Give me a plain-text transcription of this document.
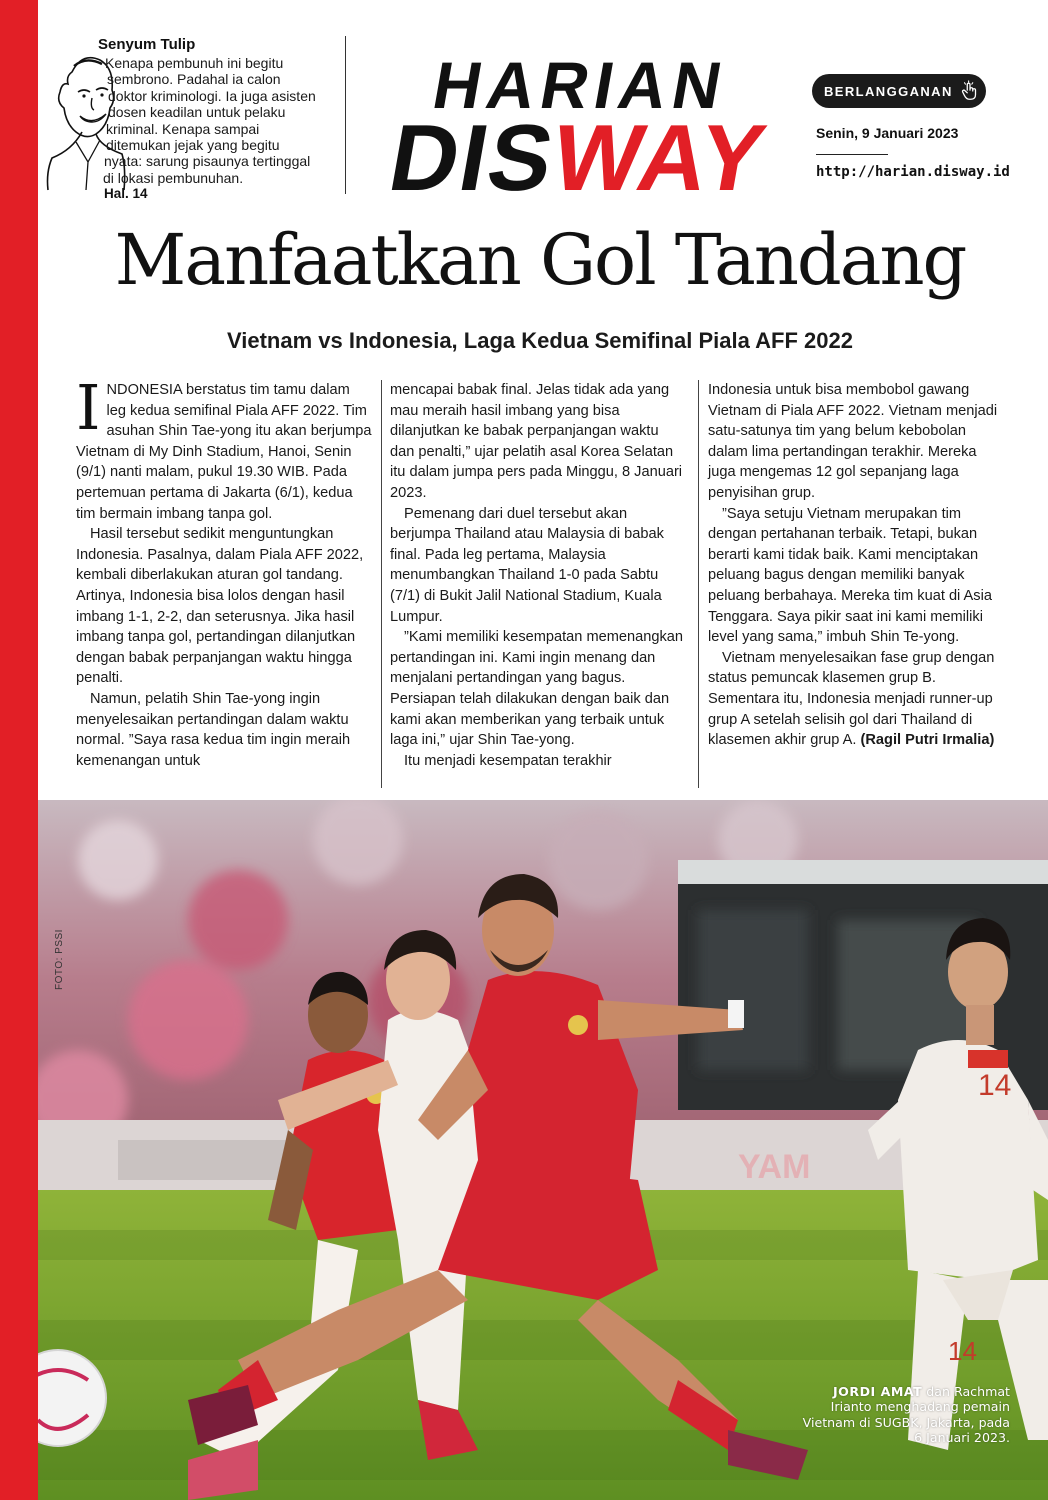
Senyum Tulip
Kenapa pembunuh ini begitu
sembrono. Padahal ia calon
doktor kriminologi. Ia juga asisten
dosen keadilan untuk pelaku
kriminal. Kenapa sampai
ditemukan jejak yang begitu
nyata: sarung pisaunya tertinggal
di lokasi pembunuhan.
Hal. 14
HARIAN
DISWAY
BERLANGGANAN
Senin, 9 Januari 2023
http://harian.disway.id
Manfaatkan Gol Tandang
Vietnam vs Indonesia, Laga Kedua Semifinal Piala AFF 2022

INDONESIA berstatus tim tamu dalam leg kedua semifinal Piala AFF 2022. Tim asuhan Shin Tae-yong itu akan berjumpa Vietnam di My Dinh Stadium, Hanoi, Senin (9/1) nanti malam, pukul 19.30 WIB. Pada pertemuan pertama di Jakarta (6/1), kedua tim bermain imbang tanpa gol.

Hasil tersebut sedikit menguntungkan Indonesia. Pasalnya, dalam Piala AFF 2022, kembali diberlakukan aturan gol tandang. Artinya, Indonesia bisa lolos dengan hasil imbang 1-1, 2-2, dan seterusnya. Jika hasil imbang tanpa gol, pertandingan dilanjutkan dengan babak perpanjangan waktu hingga penalti.

Namun, pelatih Shin Tae-yong ingin menyelesaikan pertandingan dalam waktu normal. ”Saya rasa kedua tim ingin meraih kemenangan untuk

mencapai babak final. Jelas tidak ada yang mau meraih hasil imbang yang bisa dilanjutkan ke babak perpanjangan waktu dan penalti,” ujar pelatih asal Korea Selatan itu dalam jumpa pers pada Minggu, 8 Januari 2023.

Pemenang dari duel tersebut akan berjumpa Thailand atau Malaysia di babak final. Pada leg pertama, Malaysia menumbangkan Thailand 1-0 pada Sabtu (7/1) di Bukit Jalil National Stadium, Kuala Lumpur.

”Kami memiliki kesempatan memenangkan pertandingan ini. Kami ingin menang dan menjalani pertandingan yang bagus. Persiapan telah dilakukan dengan baik dan kami akan memberikan yang terbaik untuk laga ini,” ujar Shin Tae-yong.

Itu menjadi kesempatan terakhir

Indonesia untuk bisa membobol gawang Vietnam di Piala AFF 2022. Vietnam menjadi satu-satunya tim yang belum kebobolan dalam lima pertandingan terakhir. Mereka juga mengemas 12 gol sepanjang laga penyisihan grup.

”Saya setuju Vietnam merupakan tim dengan pertahanan terbaik. Tetapi, bukan berarti kami tidak baik. Kami menciptakan peluang bagus dengan memiliki banyak peluang berbahaya. Mereka tim kuat di Asia Tenggara. Saya pikir saat ini kami memiliki level yang sama,” imbuh Shin Te-yong.

Vietnam menyelesaikan fase grup dengan status pemuncak klasemen grup B. Sementara itu, Indonesia menjadi runner-up grup A setelah selisih gol dari Thailand di klasemen akhir grup A. (Ragil Putri Irmalia)

YAM
14
14
FOTO: PSSI
JORDI AMAT dan Rachmat Irianto menghadang pemain Vietnam di SUGBK, Jakarta, pada 6 Januari 2023.
